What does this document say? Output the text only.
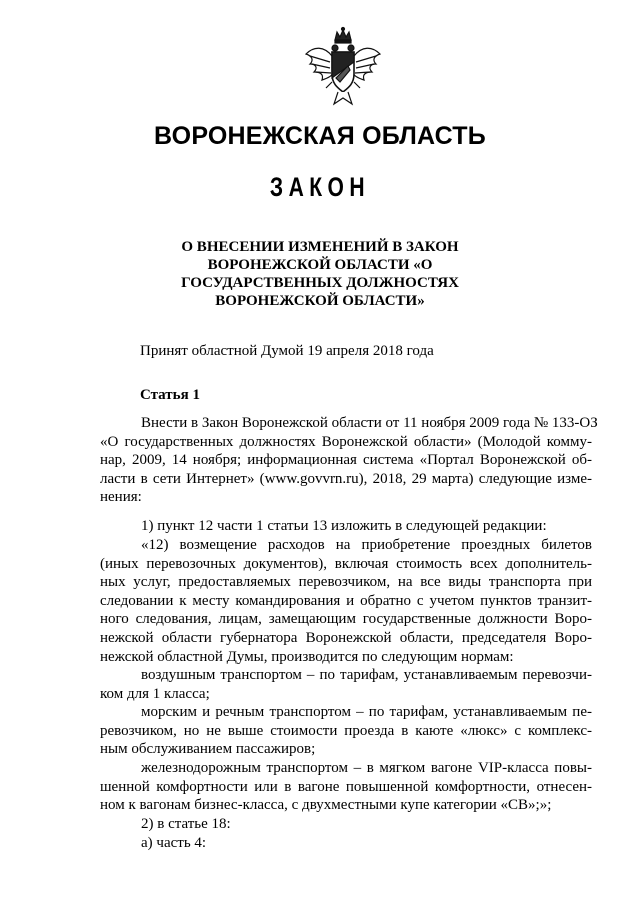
ВОРОНЕЖСКАЯ ОБЛАСТЬ
ЗАКОН
О ВНЕСЕНИИ ИЗМЕНЕНИЙ В ЗАКОН
ВОРОНЕЖСКОЙ ОБЛАСТИ «О
ГОСУДАРСТВЕННЫХ ДОЛЖНОСТЯХ
ВОРОНЕЖСКОЙ ОБЛАСТИ»
Принят областной Думой 19 апреля 2018 года
Статья 1
Внести в Закон Воронежской области от 11 ноября 2009 года № 133-ОЗ
«О государственных должностях Воронежской области» (Молодой комму-
нар, 2009, 14 ноября; информационная система «Портал Воронежской об-
ласти в сети Интернет» (www.govvrn.ru), 2018, 29 марта) следующие изме-
нения:
1) пункт 12 части 1 статьи 13 изложить в следующей редакции:
«12) возмещение расходов на приобретение проездных билетов
(иных перевозочных документов), включая стоимость всех дополнитель-
ных услуг, предоставляемых перевозчиком, на все виды транспорта при
следовании к месту командирования и обратно с учетом пунктов транзит-
ного следования, лицам, замещающим государственные должности Воро-
нежской области губернатора Воронежской области, председателя Воро-
нежской областной Думы, производится по следующим нормам:
воздушным транспортом – по тарифам, устанавливаемым перевозчи-
ком для 1 класса;
морским и речным транспортом – по тарифам, устанавливаемым пе-
ревозчиком, но не выше стоимости проезда в каюте «люкс» с комплекс-
ным обслуживанием пассажиров;
железнодорожным транспортом – в мягком вагоне VIP-класса повы-
шенной комфортности или в вагоне повышенной комфортности, отнесен-
ном к вагонам бизнес-класса, с двухместными купе категории «СВ»;»;
2) в статье 18:
а) часть 4:
